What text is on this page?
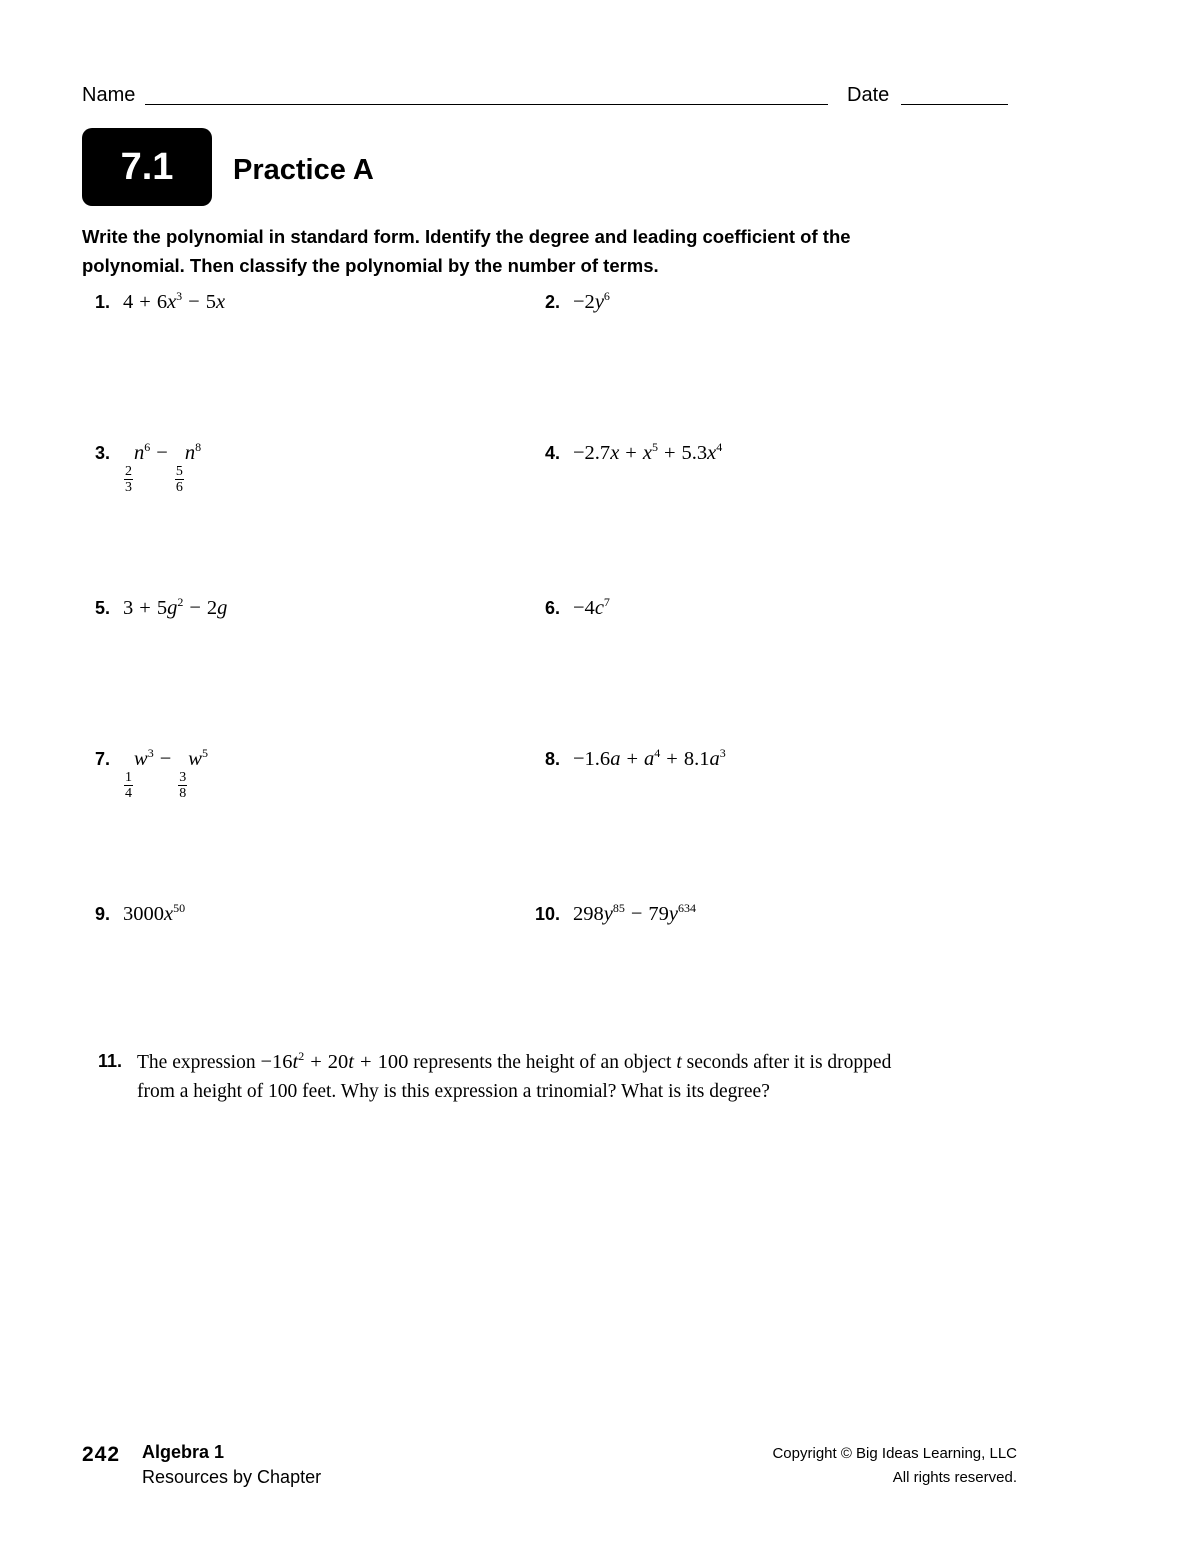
Name	Date
7.1 Practice A
Write the polynomial in standard form. Identify the degree and leading coefficient of the polynomial. Then classify the polynomial by the number of terms.
1. $4 + 6x^3 - 5x$	2. $-2y^6$
3.
$\frac{2}{3}$
$n^6$ −
$\frac{5}{6}$
$n^8$	4. $-2.7x + x^5 + 5.3x^4$
5. $3 + 5g^2 - 2g$	6. $-4c^7$
7.
$\frac{1}{4}$
$w^3$ −
$\frac{3}{8}$
$w^5$	8. $-1.6a + a^4 + 8.1a^3$
9. $3000x^{50}$	10. $298y^{85} - 79y^{634}$
11. The expression $-16t^2 + 20t + 100$ represents the height of an object t seconds after it is dropped from a height of 100 feet. Why is this expression a trinomial? What is its degree?
242 Algebra 1
Resources by Chapter
Copyright © Big Ideas Learning, LLC
All rights reserved.
